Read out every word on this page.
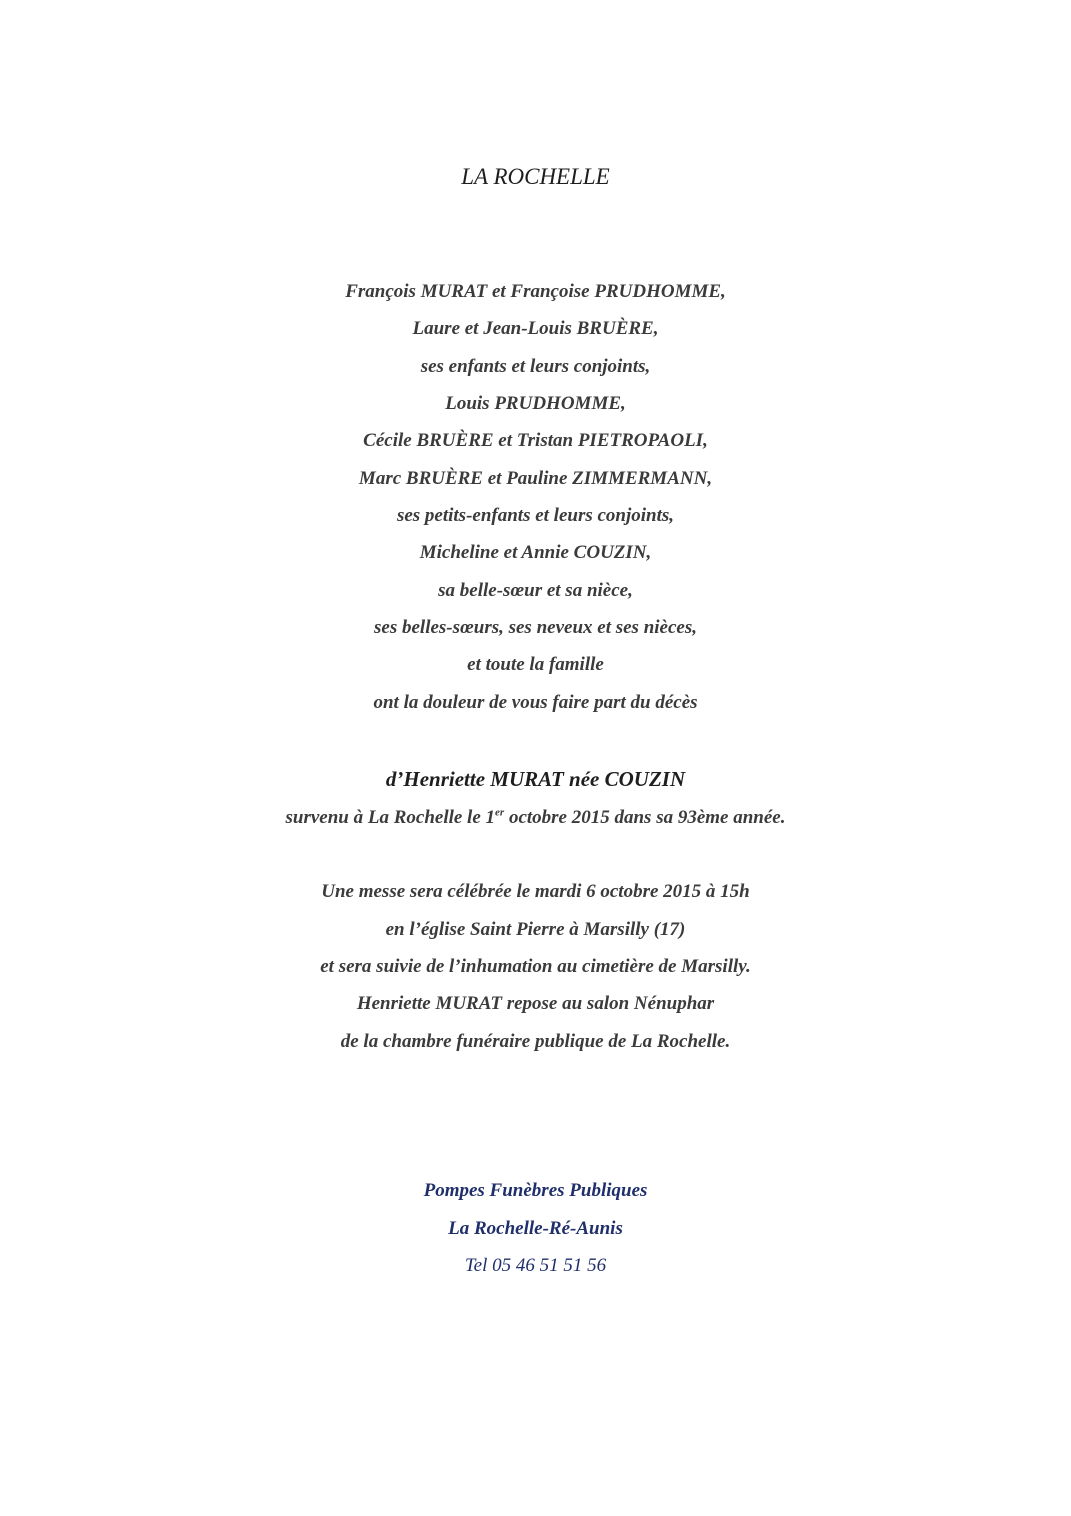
LA ROCHELLE
François MURAT et Françoise PRUDHOMME,
Laure et Jean-Louis BRUÈRE,
ses enfants et leurs conjoints,
Louis PRUDHOMME,
Cécile BRUÈRE et Tristan PIETROPAOLI,
Marc BRUÈRE et Pauline ZIMMERMANN,
ses petits-enfants et leurs conjoints,
Micheline et Annie COUZIN,
sa belle-sœur et sa nièce,
ses belles-sœurs, ses neveux et ses nièces,
et toute la famille
ont la douleur de vous faire part du décès
d’Henriette MURAT née COUZIN
survenu à La Rochelle le 1er octobre 2015 dans sa 93ème année.
Une messe sera célébrée le mardi 6 octobre 2015 à 15h
en l’église Saint Pierre à Marsilly (17)
et sera suivie de l’inhumation au cimetière de Marsilly.
Henriette MURAT repose au salon Nénuphar
de la chambre funéraire publique de La Rochelle.
Pompes Funèbres Publiques
La Rochelle-Ré-Aunis
Tel 05 46 51 51 56
